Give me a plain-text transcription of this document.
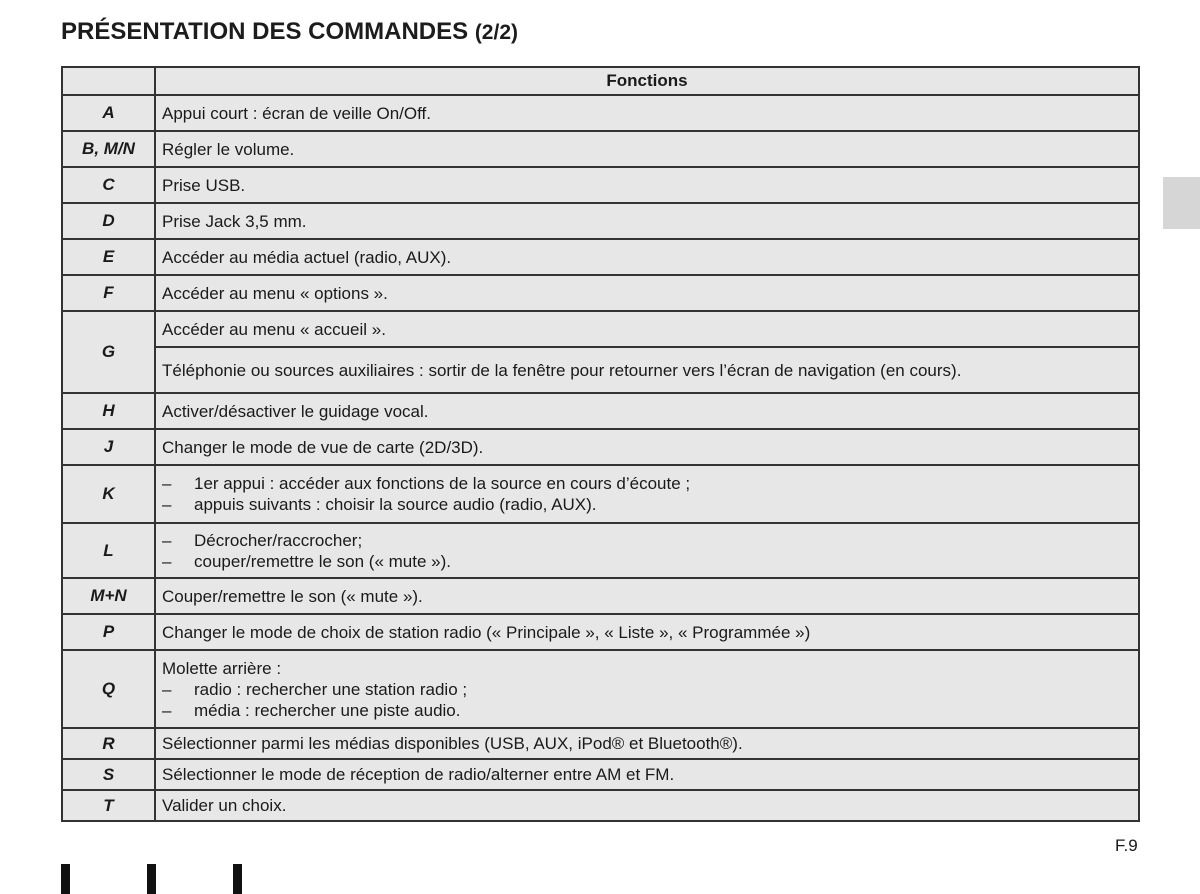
PRÉSENTATION DES COMMANDES (2/2)
	Fonctions
A	Appui court : écran de veille On/Off.
B, M/N	Régler le volume.
C	Prise USB.
D	Prise Jack 3,5 mm.
E	Accéder au média actuel (radio, AUX).
F	Accéder au menu « options ».
G	Accéder au menu « accueil ».
	Téléphonie ou sources auxiliaires : sortir de la fenêtre pour retourner vers l’écran de navigation (en cours).
H	Activer/désactiver le guidage vocal.
J	Changer le mode de vue de carte (2D/3D).
K	– 1er appui : accéder aux fonctions de la source en cours d’écoute ;
– appuis suivants : choisir la source audio (radio, AUX).

L	– Décrocher/raccrocher;
– couper/remettre le son (« mute »).

M+N	Couper/remettre le son (« mute »).
P	Changer le mode de choix de station radio (« Principale », « Liste », « Programmée »)
Q	Molette arrière :
– radio : rechercher une station radio ;
– média : rechercher une piste audio.

R	Sélectionner parmi les médias disponibles (USB, AUX, iPod® et Bluetooth®).
S	Sélectionner le mode de réception de radio/alterner entre AM et FM.
T	Valider un choix.
F.9
